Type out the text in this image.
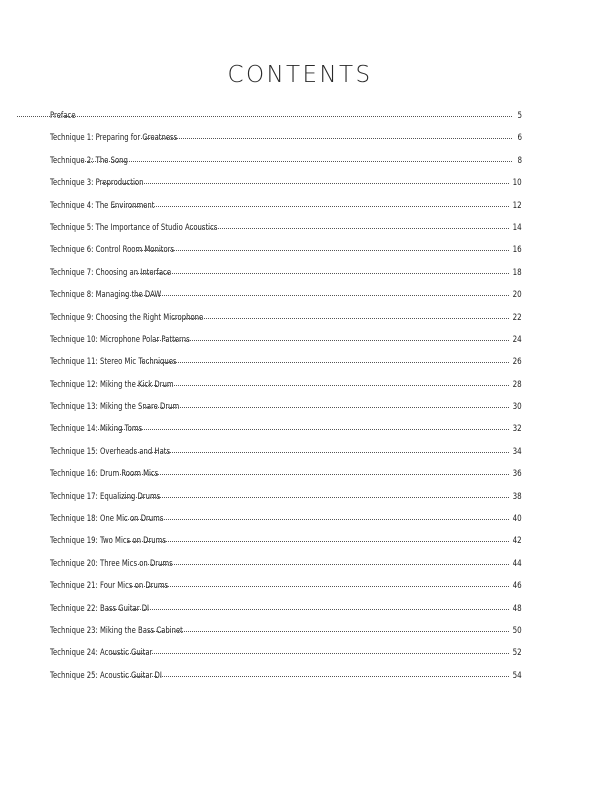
CONTENTS
Preface	5
Technique 1: Preparing for Greatness	6
Technique 2: The Song	8
Technique 3: Preproduction	10
Technique 4: The Environment	12
Technique 5: The Importance of Studio Acoustics	14
Technique 6: Control Room Monitors	16
Technique 7: Choosing an Interface	18
Technique 8: Managing the DAW	20
Technique 9: Choosing the Right Microphone	22
Technique 10: Microphone Polar Patterns	24
Technique 11: Stereo Mic Techniques	26
Technique 12: Miking the Kick Drum	28
Technique 13: Miking the Snare Drum	30
Technique 14: Miking Toms	32
Technique 15: Overheads and Hats	34
Technique 16: Drum Room Mics	36
Technique 17: Equalizing Drums	38
Technique 18: One Mic on Drums	40
Technique 19: Two Mics on Drums	42
Technique 20: Three Mics on Drums	44
Technique 21: Four Mics on Drums	46
Technique 22: Bass Guitar DI	48
Technique 23: Miking the Bass Cabinet	50
Technique 24: Acoustic Guitar	52
Technique 25: Acoustic Guitar DI	54
